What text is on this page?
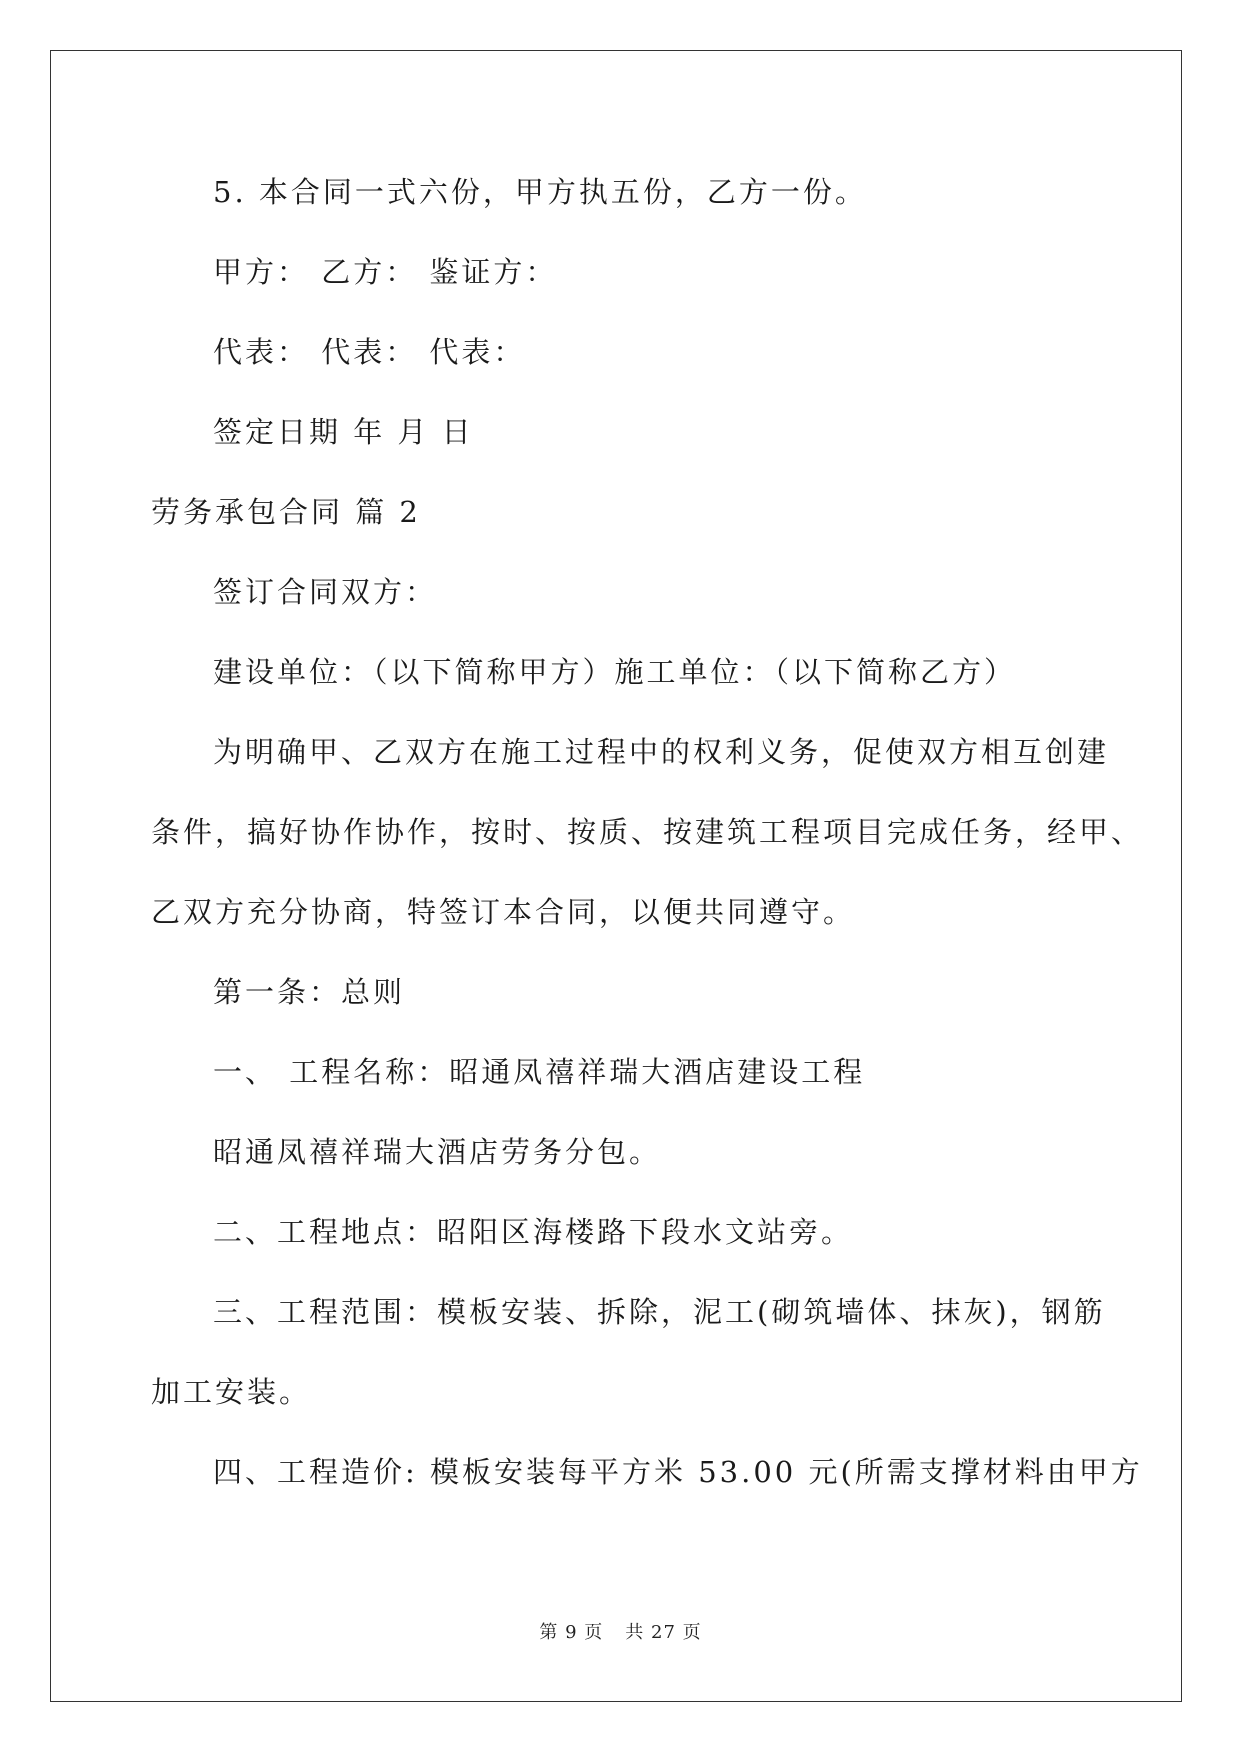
5. 本合同一式六份，甲方执五份，乙方一份。
甲方： 乙方： 鉴证方：
代表： 代表： 代表：
签定日期 年 月 日
劳务承包合同 篇 2
签订合同双方：
建设单位：（以下简称甲方）施工单位：（以下简称乙方）
为明确甲、乙双方在施工过程中的权利义务，促使双方相互创建
条件，搞好协作协作，按时、按质、按建筑工程项目完成任务，经甲、
乙双方充分协商，特签订本合同，以便共同遵守。
第一条：总则
一、 工程名称：昭通凤禧祥瑞大酒店建设工程
昭通凤禧祥瑞大酒店劳务分包。
二、工程地点：昭阳区海楼路下段水文站旁。
三、工程范围：模板安装、拆除，泥工(砌筑墙体、抹灰)，钢筋
加工安装。
四、工程造价: 模板安装每平方米 53.00 元(所需支撑材料由甲方
第 9 页 共 27 页
